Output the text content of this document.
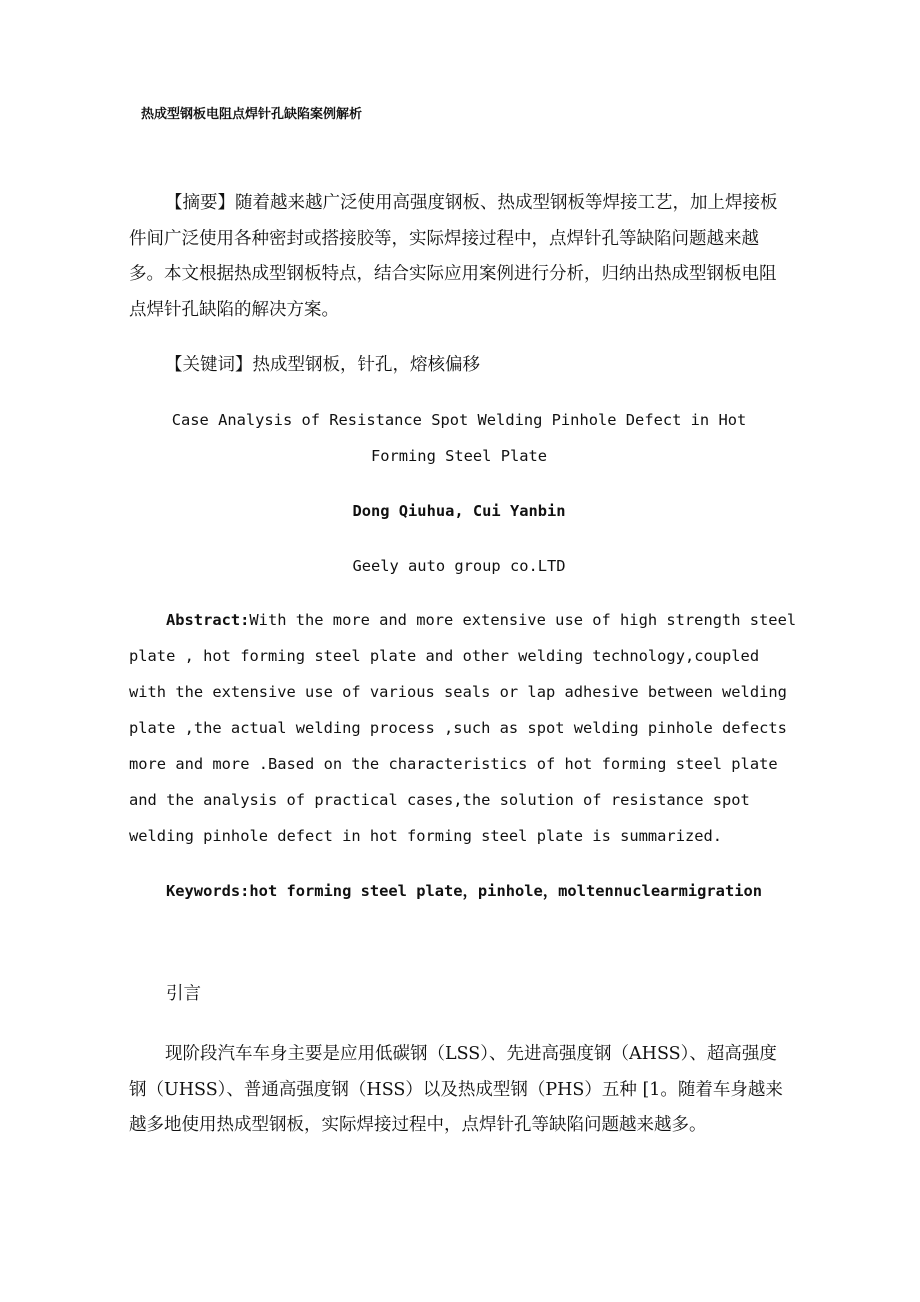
热成型钢板电阻点焊针孔缺陷案例解析

【摘要】随着越来越广泛使用高强度钢板、热成型钢板等焊接工艺，加上焊接板件间广泛使用各种密封或搭接胶等，实际焊接过程中，点焊针孔等缺陷问题越来越多。本文根据热成型钢板特点，结合实际应用案例进行分析，归纳出热成型钢板电阻点焊针孔缺陷的解决方案。

【关键词】热成型钢板，针孔，熔核偏移

Case Analysis of Resistance Spot Welding Pinhole Defect in Hot
Forming Steel Plate

Dong Qiuhua, Cui Yanbin

Geely auto group co.LTD

Abstract:With the more and more extensive use of high strength steel plate , hot forming steel plate and other welding technology,coupled with the extensive use of various seals or lap adhesive between welding plate ,the actual welding process ,such as spot welding pinhole defects more and more .Based on the characteristics of hot forming steel plate and the analysis of practical cases,the solution of resistance spot welding pinhole defect in hot forming steel plate is summarized.

Keywords:hot forming steel plate，pinhole，moltennuclearmigration

引言

现阶段汽车车身主要是应用低碳钢（LSS）、先进高强度钢（AHSS）、超高强度钢（UHSS）、普通高强度钢（HSS）以及热成型钢（PHS）五种 [1。随着车身越来越多地使用热成型钢板，实际焊接过程中，点焊针孔等缺陷问题越来越多。
